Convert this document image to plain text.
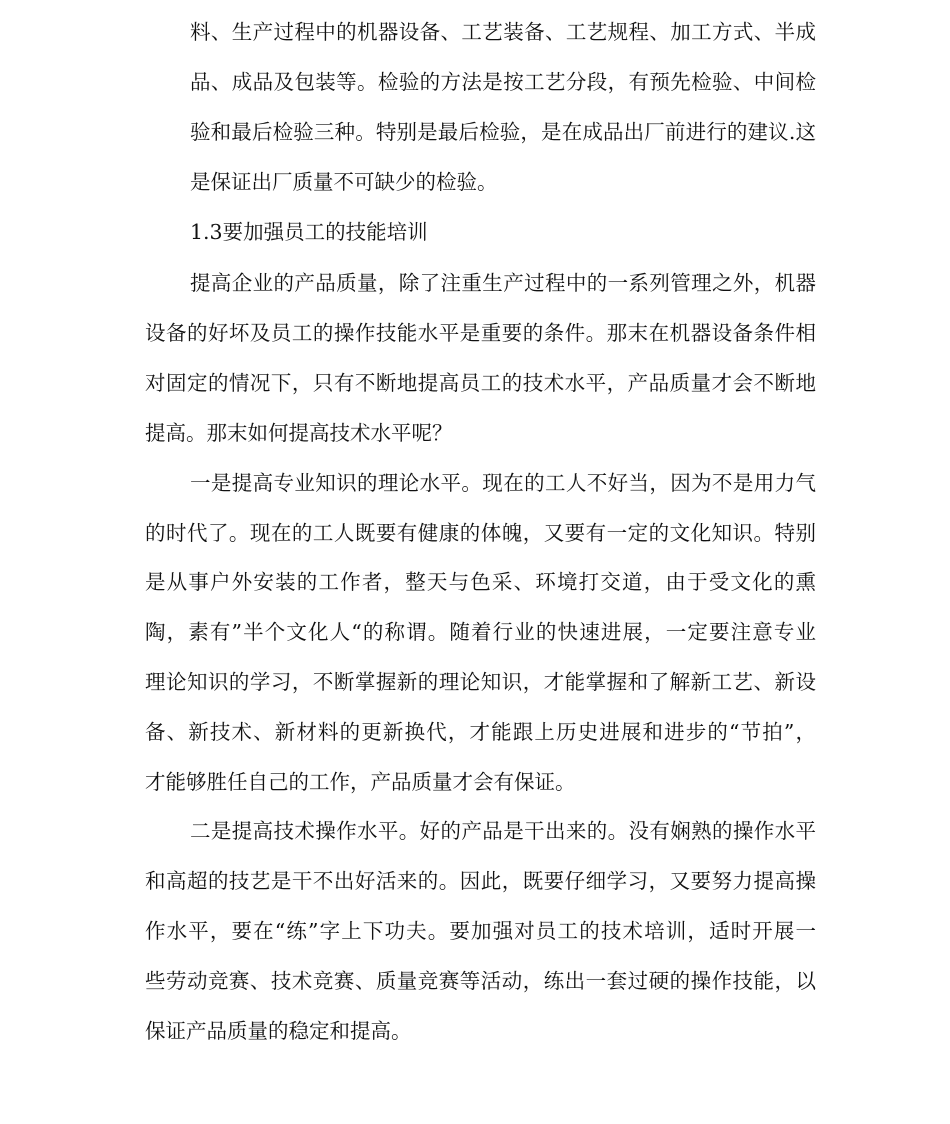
料、生产过程中的机器设备、工艺装备、工艺规程、加工方式、半成
品、成品及包装等。检验的方法是按工艺分段，有预先检验、中间检
验和最后检验三种。特别是最后检验，是在成品出厂前进行的建议.这
是保证出厂质量不可缺少的检验。
1.3要加强员工的技能培训
提高企业的产品质量，除了注重生产过程中的一系列管理之外，机器
设备的好坏及员工的操作技能水平是重要的条件。那末在机器设备条件相
对固定的情况下，只有不断地提高员工的技术水平，产品质量才会不断地
提高。那末如何提高技术水平呢？
一是提高专业知识的理论水平。现在的工人不好当，因为不是用力气
的时代了。现在的工人既要有健康的体魄，又要有一定的文化知识。特别
是从事户外安装的工作者，整天与色采、环境打交道，由于受文化的熏
陶，素有”半个文化人“的称谓。随着行业的快速进展，一定要注意专业
理论知识的学习，不断掌握新的理论知识，才能掌握和了解新工艺、新设
备、新技术、新材料的更新换代，才能跟上历史进展和进步的“节拍”，
才能够胜任自己的工作，产品质量才会有保证。
二是提高技术操作水平。好的产品是干出来的。没有娴熟的操作水平
和高超的技艺是干不出好活来的。因此，既要仔细学习，又要努力提高操
作水平，要在“练”字上下功夫。要加强对员工的技术培训，适时开展一
些劳动竞赛、技术竞赛、质量竞赛等活动，练出一套过硬的操作技能，以
保证产品质量的稳定和提高。
